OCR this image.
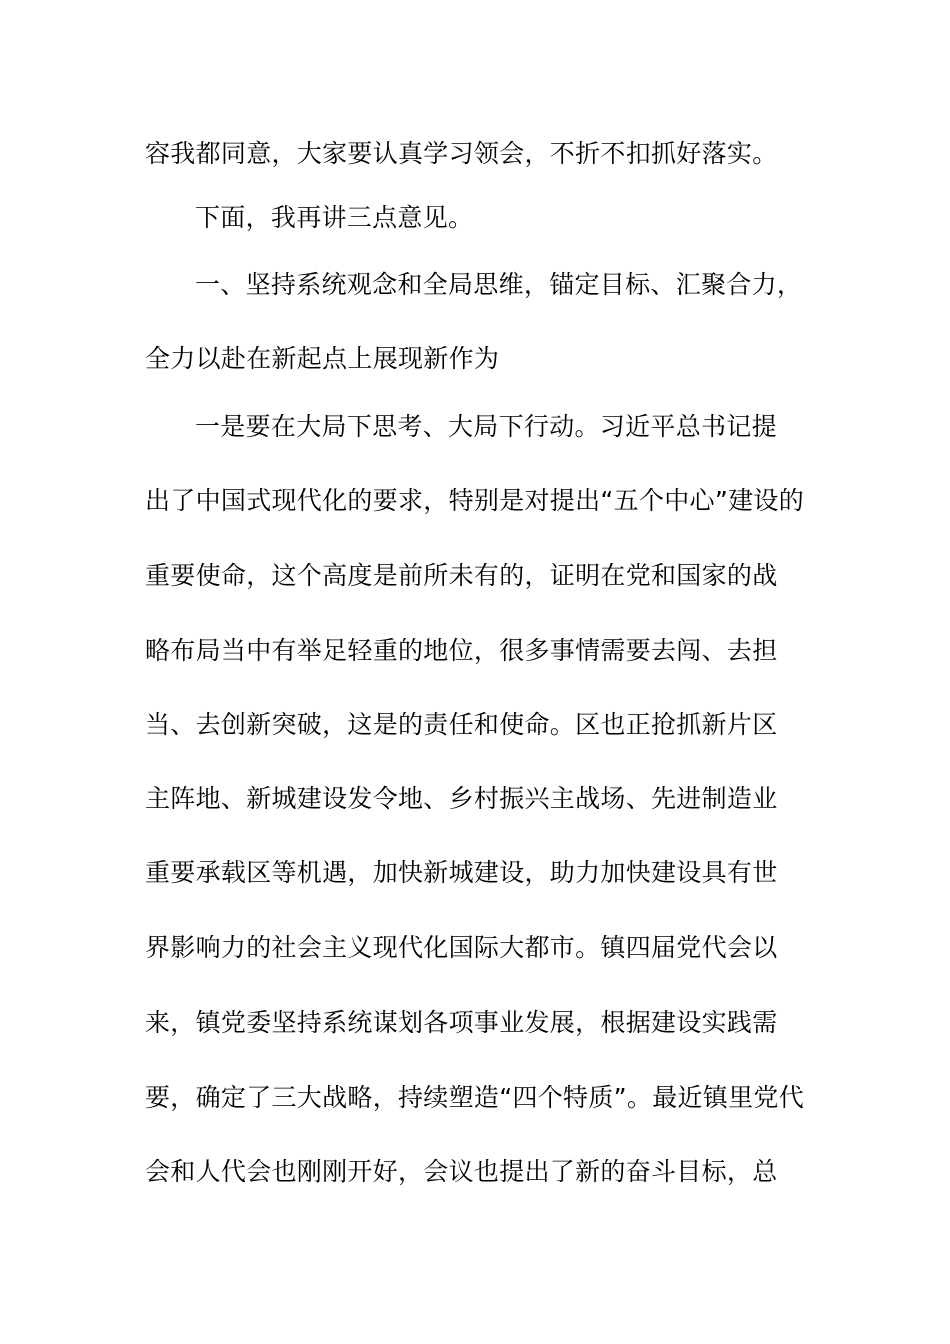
容我都同意，大家要认真学习领会，不折不扣抓好落实。
下面，我再讲三点意见。
一、坚持系统观念和全局思维，锚定目标、汇聚合力，
全力以赴在新起点上展现新作为
一是要在大局下思考、大局下行动。习近平总书记提
出了中国式现代化的要求，特别是对提出“五个中心”建设的
重要使命，这个高度是前所未有的，证明在党和国家的战
略布局当中有举足轻重的地位，很多事情需要去闯、去担
当、去创新突破，这是的责任和使命。区也正抢抓新片区
主阵地、新城建设发令地、乡村振兴主战场、先进制造业
重要承载区等机遇，加快新城建设，助力加快建设具有世
界影响力的社会主义现代化国际大都市。镇四届党代会以
来，镇党委坚持系统谋划各项事业发展，根据建设实践需
要，确定了三大战略，持续塑造“四个特质”。最近镇里党代
会和人代会也刚刚开好，会议也提出了新的奋斗目标，总
